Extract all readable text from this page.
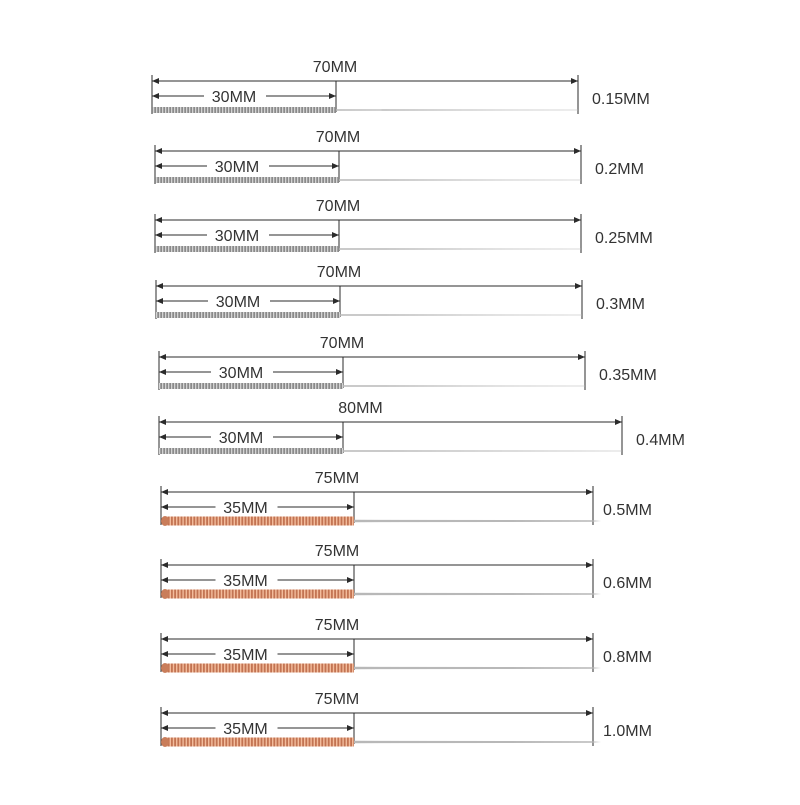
70MM
30MM	0.15MM
70MM
30MM	0.2MM
70MM
30MM	0.25MM
70MM
30MM	0.3MM
70MM
30MM	0.35MM
80MM
30MM	0.4MM
75MM
35MM	0.5MM
75MM
35MM	0.6MM
75MM
35MM	0.8MM
75MM
35MM	1.0MM
